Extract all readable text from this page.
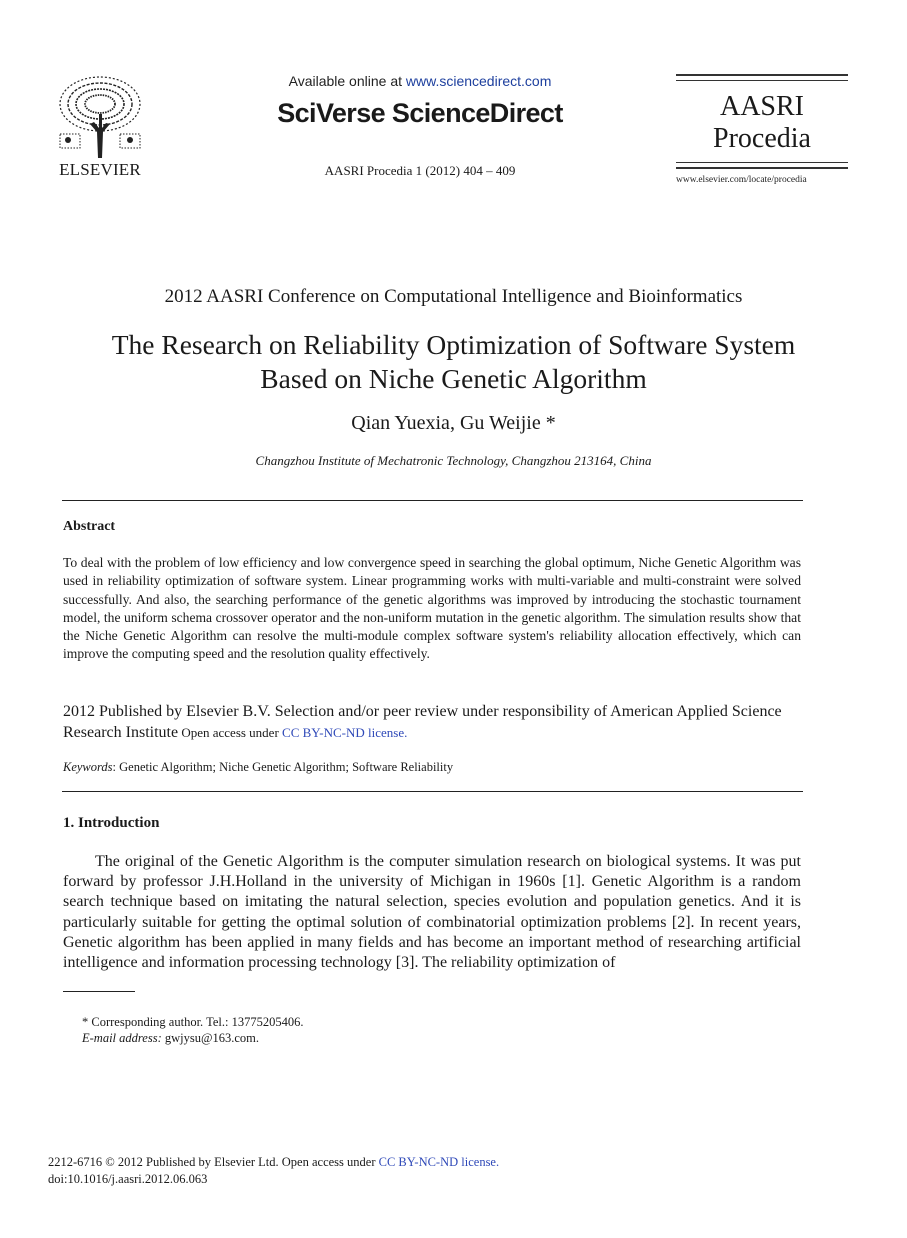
ELSEVIER
Available online at www.sciencedirect.com
SciVerse ScienceDirect
AASRI Procedia 1 (2012) 404 – 409
AASRI
Procedia
www.elsevier.com/locate/procedia
2012 AASRI Conference on Computational Intelligence and Bioinformatics
The Research on Reliability Optimization of Software System
Based on Niche Genetic Algorithm
Qian Yuexia, Gu Weijie *
Changzhou Institute of Mechatronic Technology, Changzhou 213164, China
Abstract
To deal with the problem of low efficiency and low convergence speed in searching the global optimum, Niche Genetic Algorithm was used in reliability optimization of software system. Linear programming works with multi-variable and multi-constraint were solved successfully. And also, the searching performance of the genetic algorithms was improved by introducing the stochastic tournament model, the uniform schema crossover operator and the non-uniform mutation in the genetic algorithm. The simulation results show that the Niche Genetic Algorithm can resolve the multi-module complex software system's reliability allocation effectively, which can improve the computing speed and the resolution quality effectively.
2012 Published by Elsevier B.V. Selection and/or peer review under responsibility of American Applied Science Research Institute Open access under CC BY-NC-ND license.
Keywords: Genetic Algorithm; Niche Genetic Algorithm; Software Reliability
1. Introduction

The original of the Genetic Algorithm is the computer simulation research on biological systems. It was put forward by professor J.H.Holland in the university of Michigan in 1960s [1]. Genetic Algorithm is a random search technique based on imitating the natural selection, species evolution and population genetics. And it is particularly suitable for getting the optimal solution of combinatorial optimization problems [2]. In recent years, Genetic algorithm has been applied in many fields and has become an important method of researching artificial intelligence and information processing technology [3]. The reliability optimization of

* Corresponding author. Tel.: 13775205406.
E-mail address: gwjysu@163.com.
2212-6716 © 2012 Published by Elsevier Ltd. Open access under CC BY-NC-ND license.
doi:10.1016/j.aasri.2012.06.063
